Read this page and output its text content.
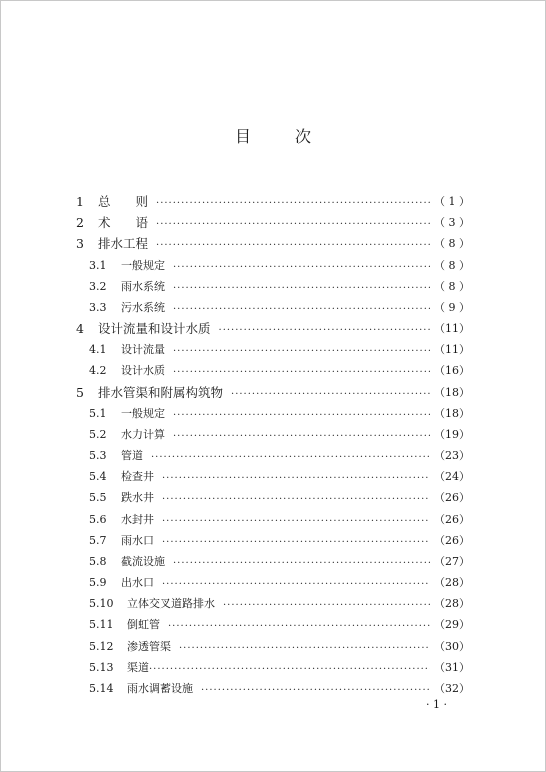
目	次
1	总　　则 ·····	（ 1 ）
2	术　　语 ·····	（ 3 ）
3	排水工程 ·····	（ 8 ）
3.1	一般规定 ·····	（ 8 ）
3.2	雨水系统 ·····	（ 8 ）
3.3	污水系统 ·····	（ 9 ）
4	设计流量和设计水质 ·····	（11）
4.1	设计流量 ·····	（11）
4.2	设计水质 ·····	（16）
5	排水管渠和附属构筑物 ·····	（18）
5.1	一般规定 ·····	（18）
5.2	水力计算 ·····	（19）
5.3	管道 ·····	（23）
5.4	检查井 ·····	（24）
5.5	跌水井 ·····	（26）
5.6	水封井 ·····	（26）
5.7	雨水口 ·····	（26）
5.8	截流设施 ·····	（27）
5.9	出水口 ·····	（28）
5.10	立体交叉道路排水 ·····	（28）
5.11	倒虹管 ·····	（29）
5.12	渗透管渠 ·····	（30）
5.13	渠道 ·····	（31）
5.14	雨水调蓄设施 ·····	（32）
· 1 ·
